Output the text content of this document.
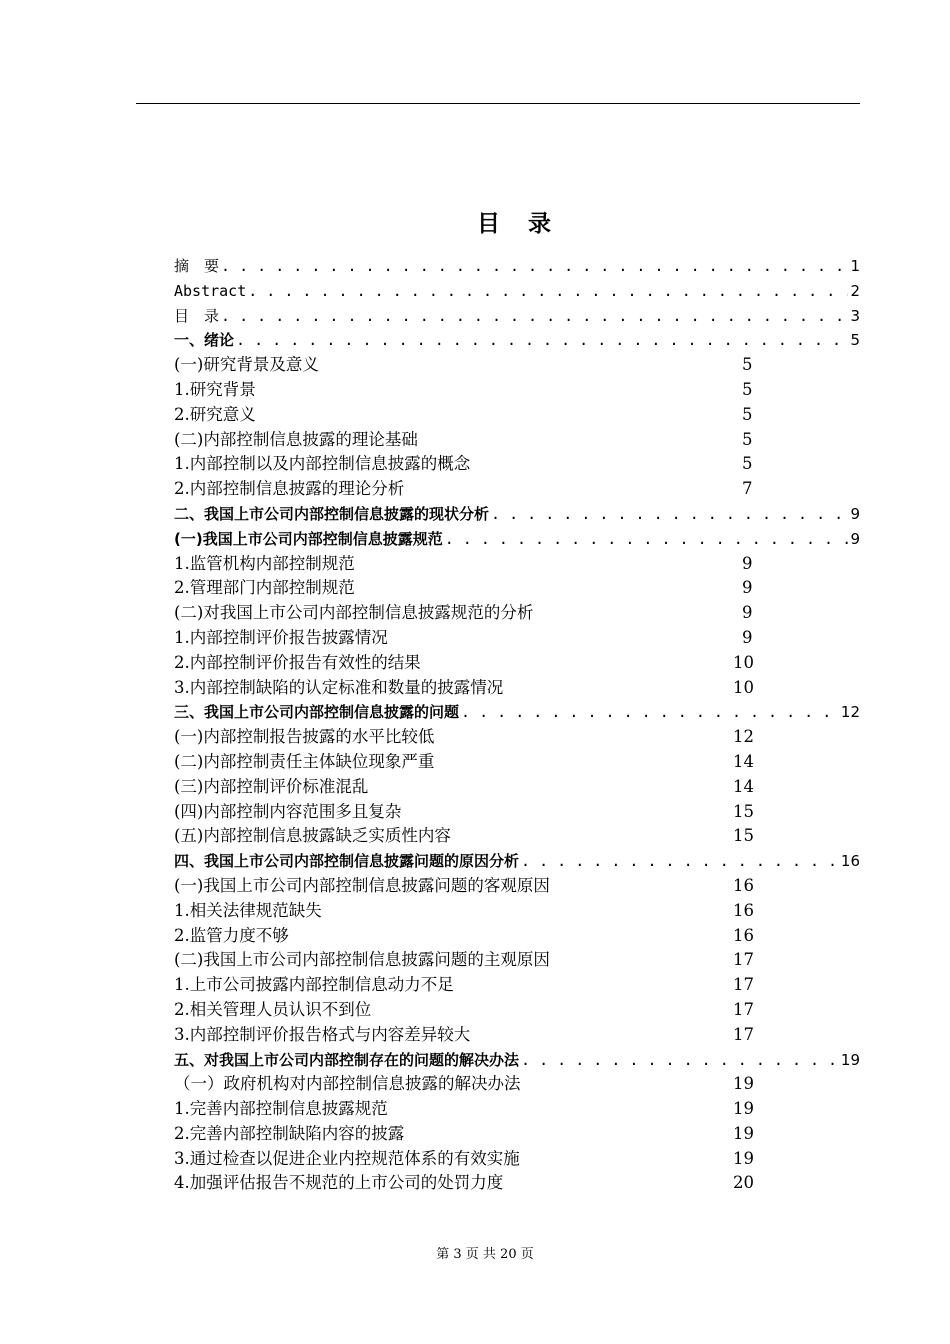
目 录
摘　要 . . .	1
Abstract . . .	2
目　录 . . .	3
一、绪论 . . .	5
(一)研究背景及意义	5
1.研究背景	5
2.研究意义	5
(二)内部控制信息披露的理论基础	5
1.内部控制以及内部控制信息披露的概念	5
2.内部控制信息披露的理论分析	7
二、我国上市公司内部控制信息披露的现状分析 . . .	9
(一)我国上市公司内部控制信息披露规范 . . .	9
1.监管机构内部控制规范	9
2.管理部门内部控制规范	9
(二)对我国上市公司内部控制信息披露规范的分析	9
1.内部控制评价报告披露情况	9
2.内部控制评价报告有效性的结果	10
3.内部控制缺陷的认定标准和数量的披露情况	10
三、我国上市公司内部控制信息披露的问题 . . .	12
(一)内部控制报告披露的水平比较低	12
(二)内部控制责任主体缺位现象严重	14
(三)内部控制评价标准混乱	14
(四)内部控制内容范围多且复杂	15
(五)内部控制信息披露缺乏实质性内容	15
四、我国上市公司内部控制信息披露问题的原因分析 . . .	16
(一)我国上市公司内部控制信息披露问题的客观原因	16
1.相关法律规范缺失	16
2.监管力度不够	16
(二)我国上市公司内部控制信息披露问题的主观原因	17
1.上市公司披露内部控制信息动力不足	17
2.相关管理人员认识不到位	17
3.内部控制评价报告格式与内容差异较大	17
五、对我国上市公司内部控制存在的问题的解决办法 . . .	19
（一）政府机构对内部控制信息披露的解决办法	19
1.完善内部控制信息披露规范	19
2.完善内部控制缺陷内容的披露	19
3.通过检查以促进企业内控规范体系的有效实施	19
4.加强评估报告不规范的上市公司的处罚力度	20
第 3 页 共 20 页
